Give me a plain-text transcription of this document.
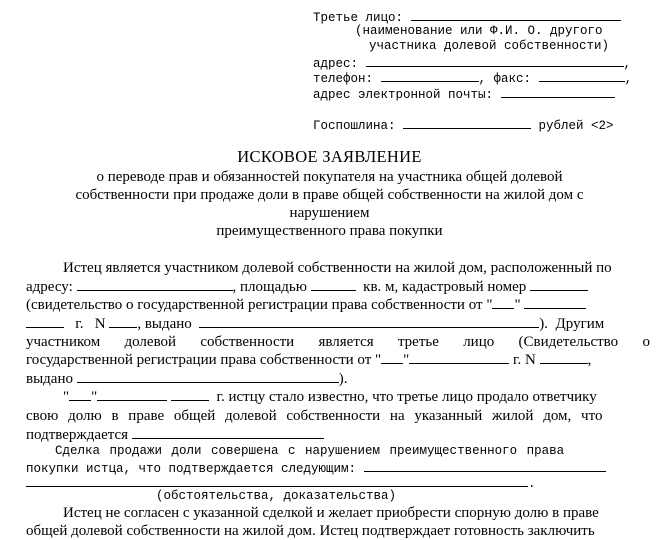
Третье лицо:
(наименование или Ф.И. О. другого
участника долевой собственности)
адрес:	,
телефон:	, факс:	,
адрес электронной почты:
Госпошлина:	рублей <2>
ИСКОВОЕ ЗАЯВЛЕНИЕ
о переводе прав и обязанностей покупателя на участника общей долевой
собственности при продаже доли в праве общей собственности на жилой дом с
нарушением
преимущественного права покупки
Истец является участником долевой собственности на жилой дом, расположенный по
адресу:	, площадью	кв. м, кадастровый номер
(свидетельство о государственной регистрации права собственности от " "
г. N , выдано	). Другим
участником долевой собственности является третье лицо (Свидетельство о
государственной регистрации права собственности от " "	г. N	,
выдано	).
" "	г. истцу стало известно, что третье лицо продало ответчику
свою долю в праве общей долевой собственности на указанный жилой дом, что
подтверждается
Сделка продажи доли совершена с нарушением преимущественного права
покупки истца, что подтверждается следующим:
.
(обстоятельства, доказательства)
Истец не согласен с указанной сделкой и желает приобрести спорную долю в праве
общей долевой собственности на жилой дом. Истец подтверждает готовность заключить
